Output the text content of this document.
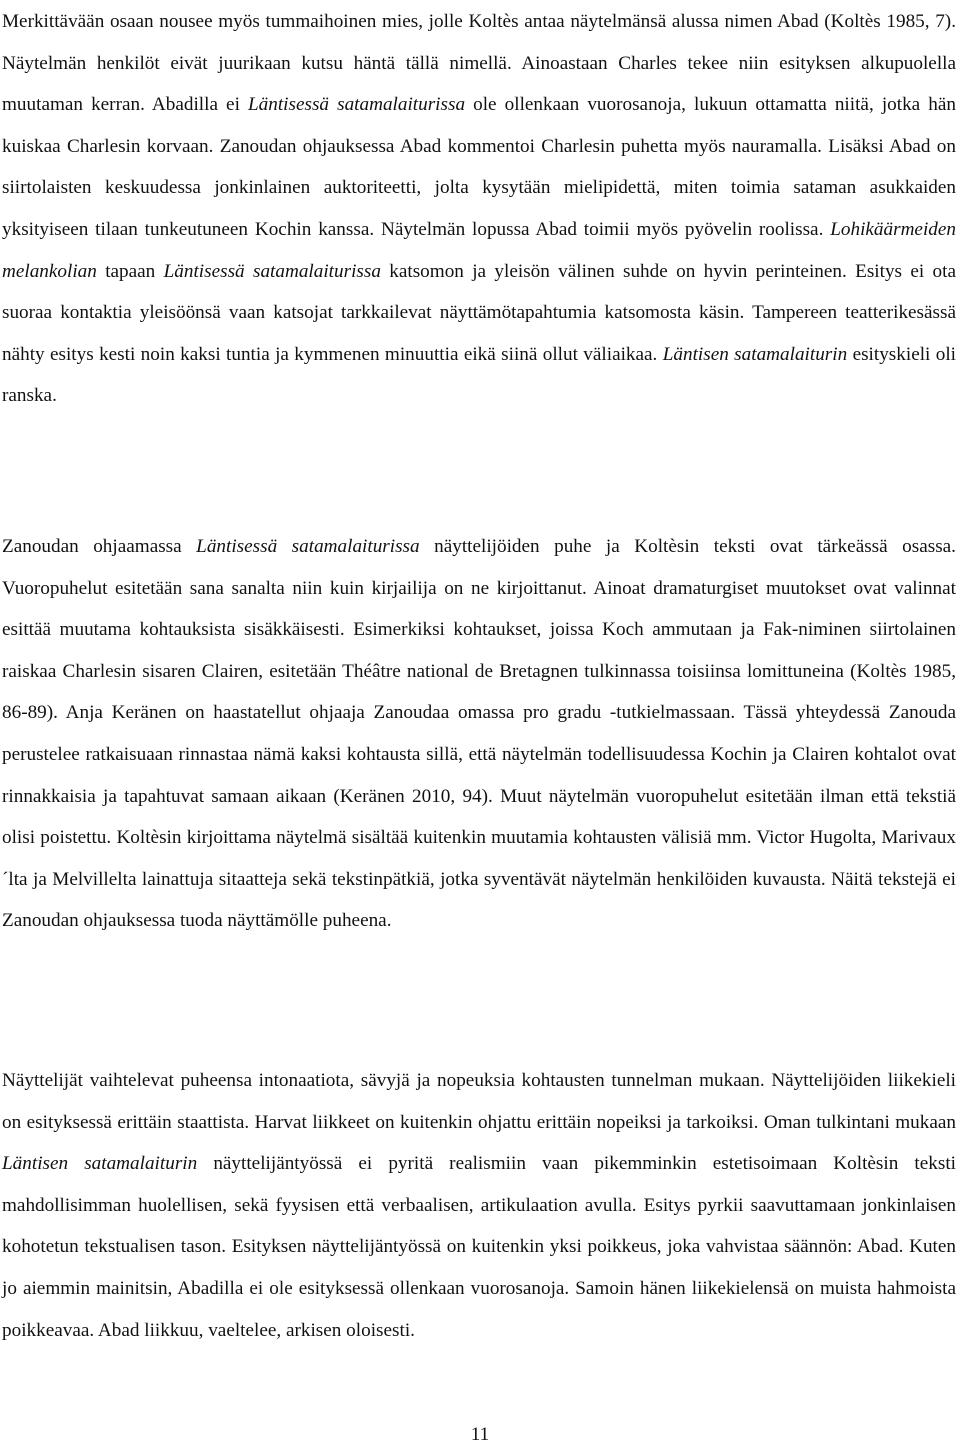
Merkittävään osaan nousee myös tummaihoinen mies, jolle Koltès antaa näytelmänsä alussa nimen Abad (Koltès 1985, 7). Näytelmän henkilöt eivät juurikaan kutsu häntä tällä nimellä. Ainoastaan Charles tekee niin esityksen alkupuolella muutaman kerran. Abadilla ei Läntisessä satamalaiturissa ole ollenkaan vuorosanoja, lukuun ottamatta niitä, jotka hän kuiskaa Charlesin korvaan. Zanoudan ohjauksessa Abad kommentoi Charlesin puhetta myös nauramalla. Lisäksi Abad on siirtolaisten keskuudessa jonkinlainen auktoriteetti, jolta kysytään mielipidettä, miten toimia sataman asukkaiden yksityiseen tilaan tunkeutuneen Kochin kanssa. Näytelmän lopussa Abad toimii myös pyövelin roolissa. Lohikäärmeiden melankolian tapaan Läntisessä satamalaiturissa katsomon ja yleisön välinen suhde on hyvin perinteinen. Esitys ei ota suoraa kontaktia yleisöönsä vaan katsojat tarkkailevat näyttämötapahtumia katsomosta käsin. Tampereen teatterikesässä nähty esitys kesti noin kaksi tuntia ja kymmenen minuuttia eikä siinä ollut väliaikaa. Läntisen satamalaiturin esityskieli oli ranska.

Zanoudan ohjaamassa Läntisessä satamalaiturissa näyttelijöiden puhe ja Koltèsin teksti ovat tärkeässä osassa. Vuoropuhelut esitetään sana sanalta niin kuin kirjailija on ne kirjoittanut. Ainoat dramaturgiset muutokset ovat valinnat esittää muutama kohtauksista sisäkkäisesti. Esimerkiksi kohtaukset, joissa Koch ammutaan ja Fak-niminen siirtolainen raiskaa Charlesin sisaren Clairen, esitetään Théâtre national de Bretagnen tulkinnassa toisiinsa lomittuneina (Koltès 1985, 86-89). Anja Keränen on haastatellut ohjaaja Zanoudaa omassa pro gradu -tutkielmassaan. Tässä yhteydessä Zanouda perustelee ratkaisuaan rinnastaa nämä kaksi kohtausta sillä, että näytelmän todellisuudessa Kochin ja Clairen kohtalot ovat rinnakkaisia ja tapahtuvat samaan aikaan (Keränen 2010, 94). Muut näytelmän vuoropuhelut esitetään ilman että tekstiä olisi poistettu. Koltèsin kirjoittama näytelmä sisältää kuitenkin muutamia kohtausten välisiä mm. Victor Hugolta, Marivaux´lta ja Melvillelta lainattuja sitaatteja sekä tekstinpätkiä, jotka syventävät näytelmän henkilöiden kuvausta. Näitä tekstejä ei Zanoudan ohjauksessa tuoda näyttämölle puheena.

Näyttelijät vaihtelevat puheensa intonaatiota, sävyjä ja nopeuksia kohtausten tunnelman mukaan. Näyttelijöiden liikekieli on esityksessä erittäin staattista. Harvat liikkeet on kuitenkin ohjattu erittäin nopeiksi ja tarkoiksi. Oman tulkintani mukaan Läntisen satamalaiturin näyttelijäntyössä ei pyritä realismiin vaan pikemminkin estetisoimaan Koltèsin teksti mahdollisimman huolellisen, sekä fyysisen että verbaalisen, artikulaation avulla. Esitys pyrkii saavuttamaan jonkinlaisen kohotetun tekstualisen tason. Esityksen näyttelijäntyössä on kuitenkin yksi poikkeus, joka vahvistaa säännön: Abad. Kuten jo aiemmin mainitsin, Abadilla ei ole esityksessä ollenkaan vuorosanoja. Samoin hänen liikekielensä on muista hahmoista poikkeavaa. Abad liikkuu, vaeltelee, arkisen oloisesti.

11
